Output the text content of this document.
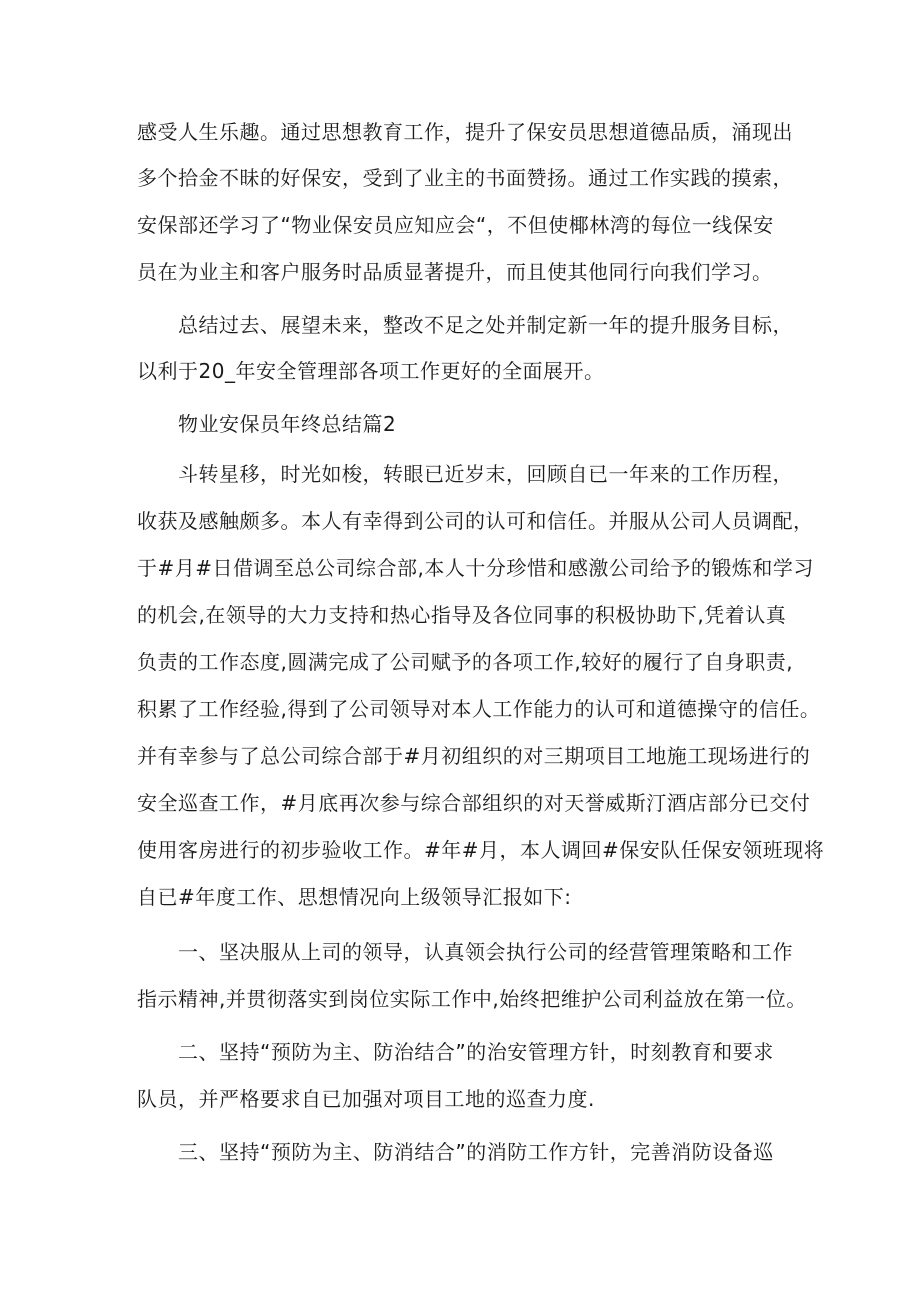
感受人生乐趣。通过思想教育工作，提升了保安员思想道德品质，涌现出
多个拾金不昧的好保安，受到了业主的书面赞扬。通过工作实践的摸索，
安保部还学习了“物业保安员应知应会“，不但使椰林湾的每位一线保安
员在为业主和客户服务时品质显著提升，而且使其他同行向我们学习。
总结过去、展望未来，整改不足之处并制定新一年的提升服务目标，
以利于20_年安全管理部各项工作更好的全面展开。
物业安保员年终总结篇2
斗转星移，时光如梭，转眼已近岁末，回顾自已一年来的工作历程，
收获及感触颇多。本人有幸得到公司的认可和信任。并服从公司人员调配，
于#月#日借调至总公司综合部,本人十分珍惜和感激公司给予的锻炼和学习
的机会,在领导的大力支持和热心指导及各位同事的积极协助下,凭着认真
负责的工作态度,圆满完成了公司赋予的各项工作,较好的履行了自身职责,
积累了工作经验,得到了公司领导对本人工作能力的认可和道德操守的信任。
并有幸参与了总公司综合部于#月初组织的对三期项目工地施工现场进行的
安全巡查工作，#月底再次参与综合部组织的对天誉威斯汀酒店部分已交付
使用客房进行的初步验收工作。#年#月，本人调回#保安队任保安领班现将
自已#年度工作、思想情况向上级领导汇报如下:
一、坚决服从上司的领导，认真领会执行公司的经营管理策略和工作
指示精神,并贯彻落实到岗位实际工作中,始终把维护公司利益放在第一位。
二、坚持“预防为主、防治结合”的治安管理方针，时刻教育和要求
队员，并严格要求自已加强对项目工地的巡查力度.
三、坚持“预防为主、防消结合”的消防工作方针，完善消防设备巡
